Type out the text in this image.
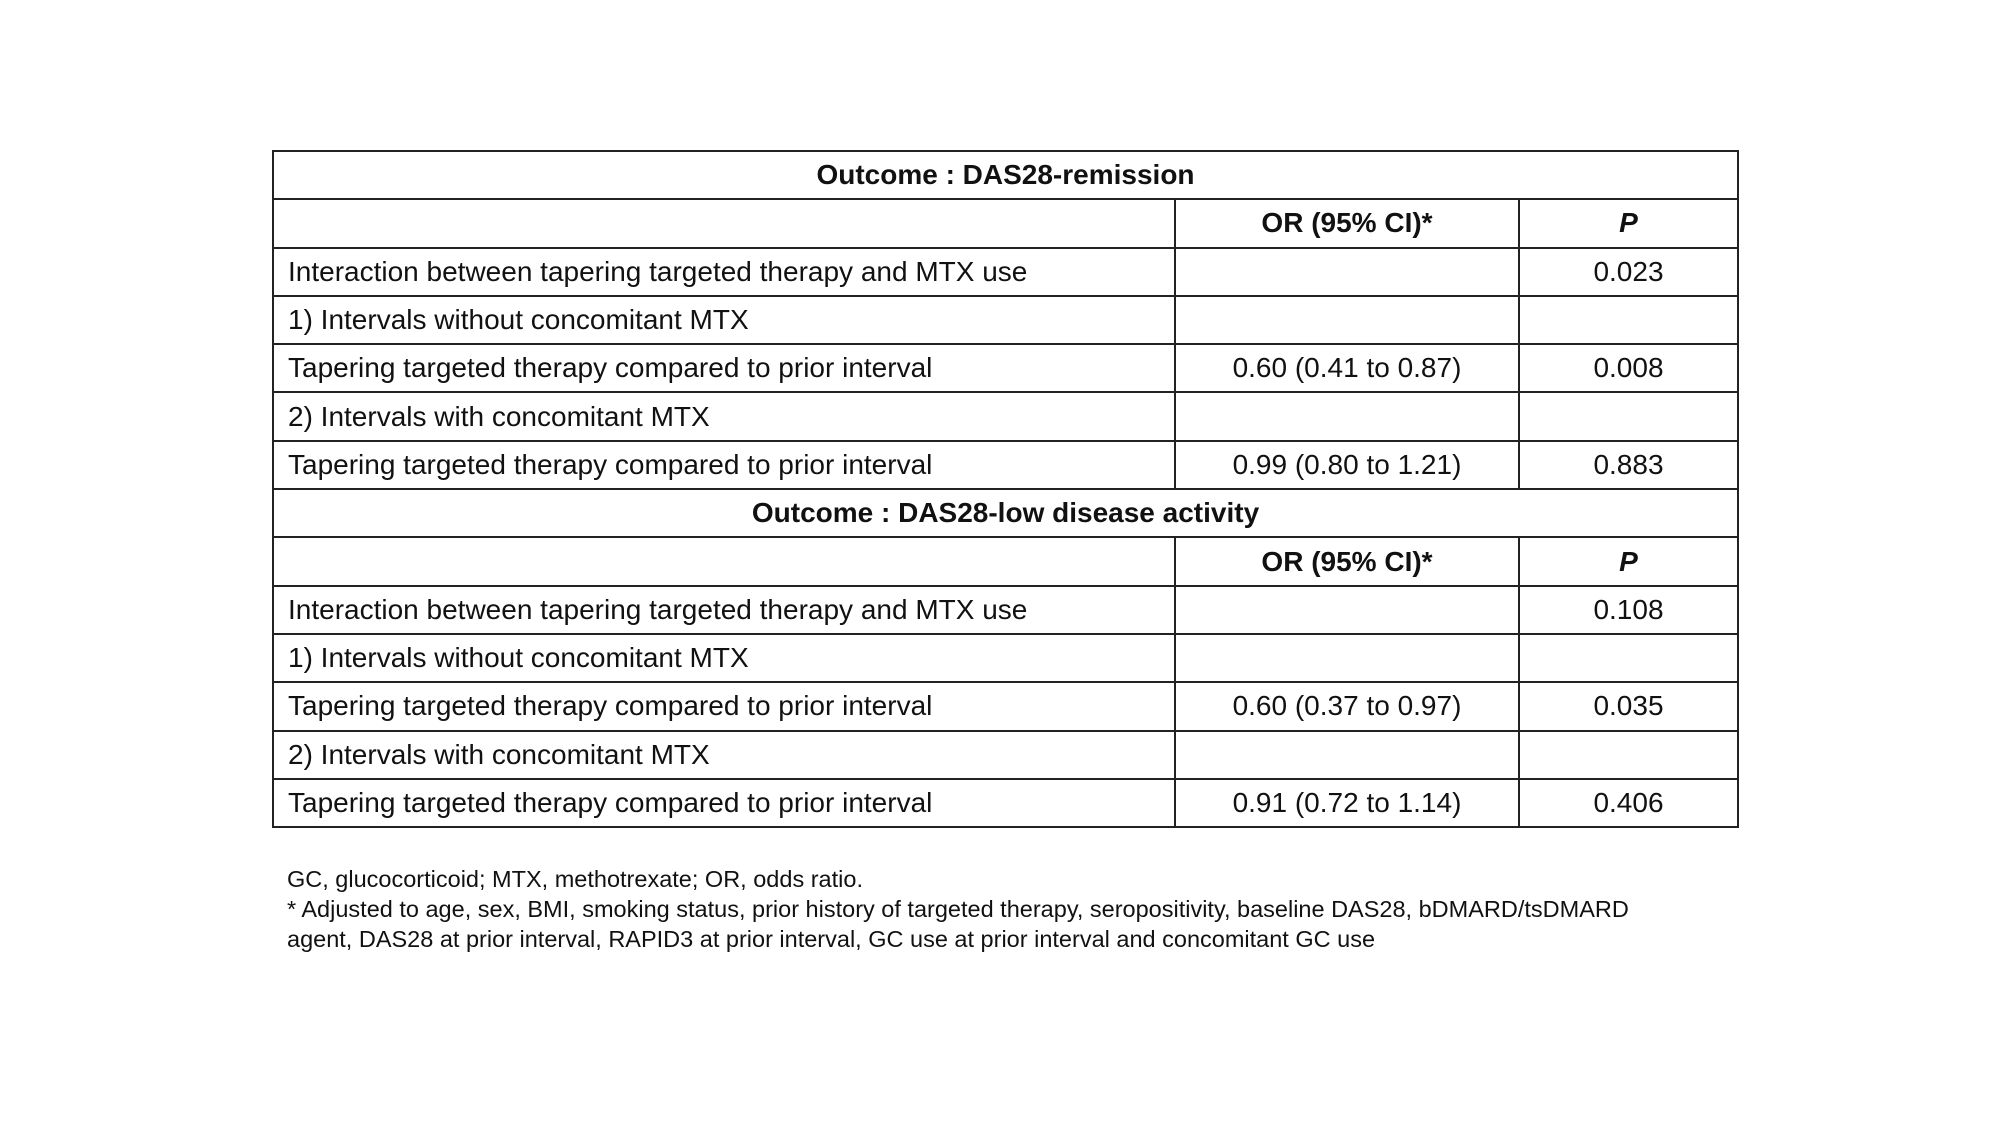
Outcome : DAS28-remission		
	OR (95% CI)*	P
Interaction between tapering targeted therapy and MTX use		0.023
1) Intervals without concomitant MTX		
Tapering targeted therapy compared to prior interval	0.60 (0.41 to 0.87)	0.008
2) Intervals with concomitant MTX		
Tapering targeted therapy compared to prior interval	0.99 (0.80 to 1.21)	0.883
Outcome : DAS28-low disease activity		
	OR (95% CI)*	P
Interaction between tapering targeted therapy and MTX use		0.108
1) Intervals without concomitant MTX		
Tapering targeted therapy compared to prior interval	0.60 (0.37 to 0.97)	0.035
2) Intervals with concomitant MTX		
Tapering targeted therapy compared to prior interval	0.91 (0.72 to 1.14)	0.406
GC, glucocorticoid; MTX, methotrexate; OR, odds ratio.
* Adjusted to age, sex, BMI, smoking status, prior history of targeted therapy, seropositivity, baseline DAS28, bDMARD/tsDMARD
agent, DAS28 at prior interval, RAPID3 at prior interval, GC use at prior interval and concomitant GC use
